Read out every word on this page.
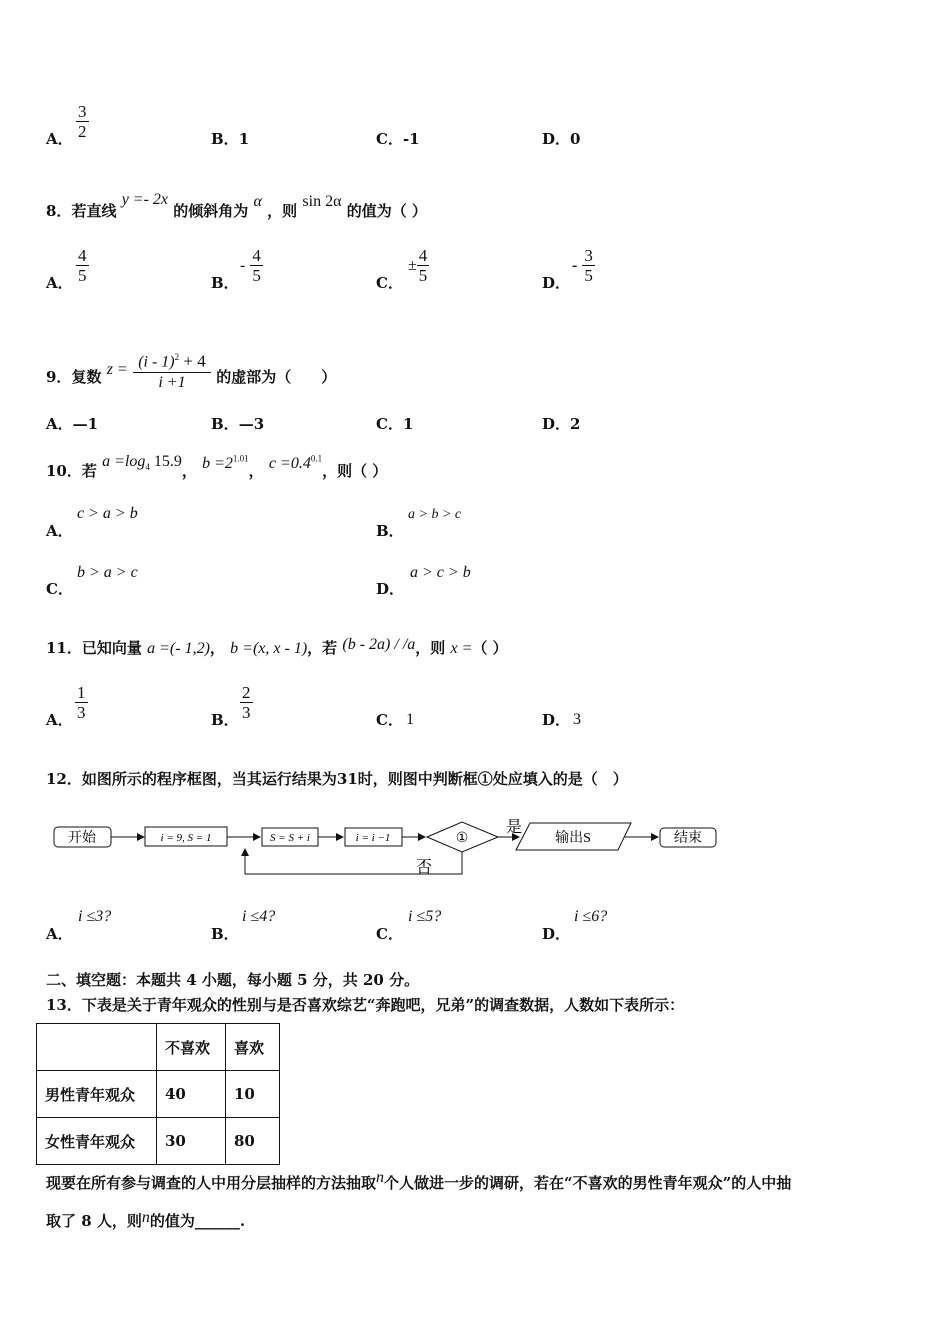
A． $\frac{3}{2}$	B．1	C．-1	D．0
8．若直线 y =- 2x 的倾斜角为 α ，则 sin 2α 的值为（ ）
A． $\frac{4}{5}$	B．
- $\frac{4}{5}$	C．
± $\frac{4}{5}$	D．
- $\frac{3}{5}$
9．复数 $z = \frac{(i - 1)^2 + 4}{i +1}$ 的虚部为（　　）
A．—1	B．—3	C．1	D．2
10．若 $a =\log_4$ 15.9， $b =2^{1.01}$， $c =0.4^{0.1}$，则（ ）
A．
c > a > b
B．
a > b > c
C．
b > a > c
D．
a > c > b
11．已知向量 a =(- 1,2)， b =(x, x - 1)，若 (b - 2a) / /a，则 x =（ ）
A． $\frac{1}{3}$	B． $\frac{2}{3}$	C． 1	D． 3
12．如图所示的程序框图，当其运行结果为31时，则图中判断框①处应填入的是（　）
开始	i = 9, S = 1	S = S + i	i = i −1	①
是
否
输出S	结束
A．
i ≤3?
B．
i ≤4?
C．
i ≤5?
D．
i ≤6?
二、填空题：本题共 4 小题，每小题 5 分，共 20 分。
13．下表是关于青年观众的性别与是否喜欢综艺“奔跑吧，兄弟”的调查数据，人数如下表所示：
	不喜欢	喜欢
男性青年观众	40	10
女性青年观众	30	80
现要在所有参与调查的人中用分层抽样的方法抽取n个人做进一步的调研，若在“不喜欢的男性青年观众”的人中抽
取了 8 人，则n的值为______.
